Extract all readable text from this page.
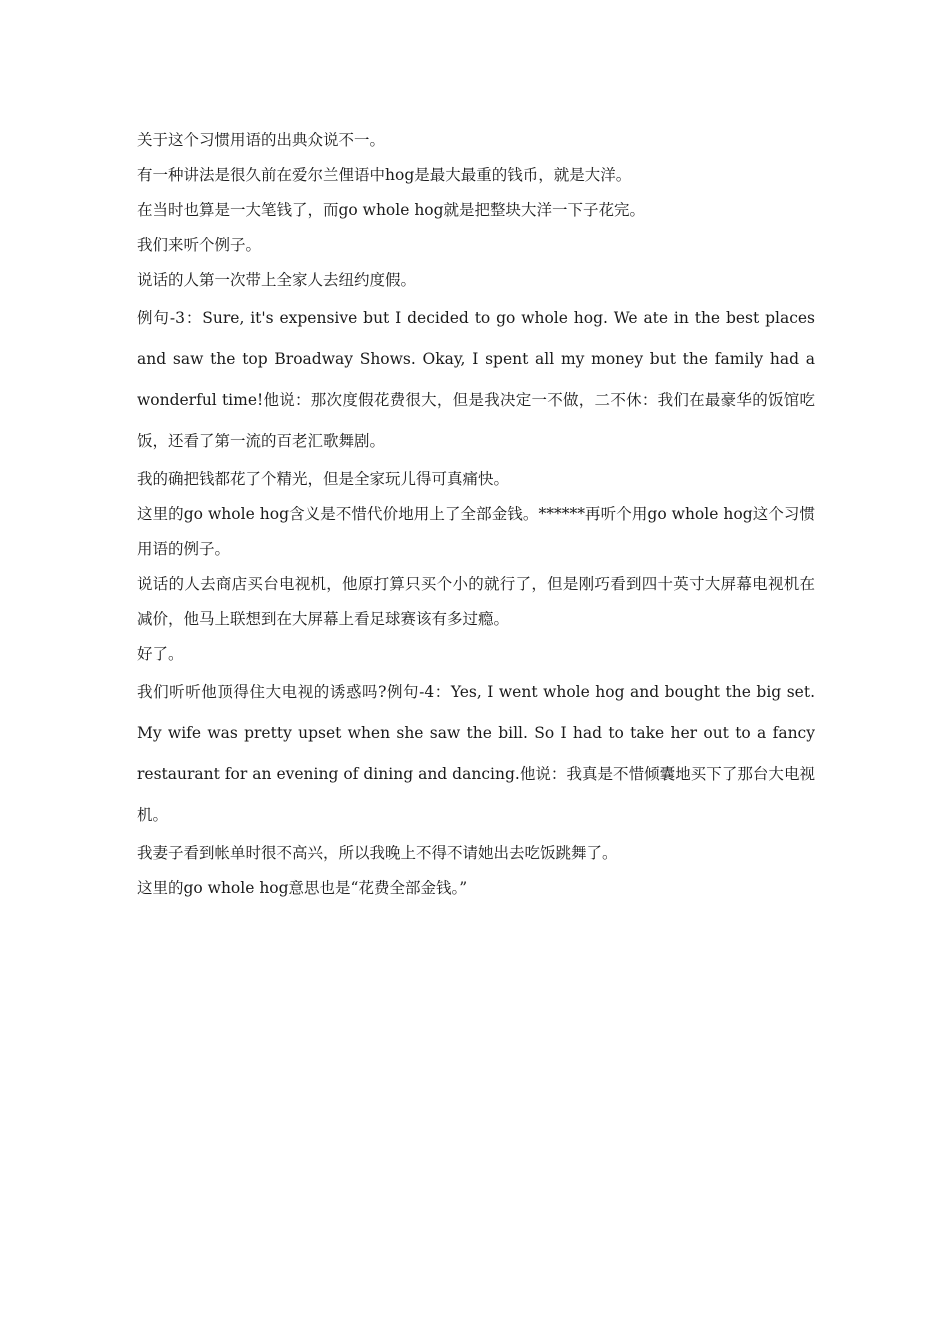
关于这个习惯用语的出典众说不一。

有一种讲法是很久前在爱尔兰俚语中hog是最大最重的钱币，就是大洋。

在当时也算是一大笔钱了，而go whole hog就是把整块大洋一下子花完。

我们来听个例子。

说话的人第一次带上全家人去纽约度假。

例句-3：Sure, it's expensive but I decided to go whole hog. We ate in the best places and saw the top Broadway Shows. Okay, I spent all my money but the family had a wonderful time!他说：那次度假花费很大，但是我决定一不做，二不休：我们在最豪华的饭馆吃饭，还看了第一流的百老汇歌舞剧。

我的确把钱都花了个精光，但是全家玩儿得可真痛快。

这里的go whole hog含义是不惜代价地用上了全部金钱。******再听个用go whole hog这个习惯用语的例子。

说话的人去商店买台电视机，他原打算只买个小的就行了，但是刚巧看到四十英寸大屏幕电视机在减价，他马上联想到在大屏幕上看足球赛该有多过瘾。

好了。

我们听听他顶得住大电视的诱惑吗?例句-4：Yes, I went whole hog and bought the big set. My wife was pretty upset when she saw the bill. So I had to take her out to a fancy restaurant for an evening of dining and dancing.他说：我真是不惜倾囊地买下了那台大电视机。

我妻子看到帐单时很不高兴，所以我晚上不得不请她出去吃饭跳舞了。

这里的go whole hog意思也是“花费全部金钱。”
